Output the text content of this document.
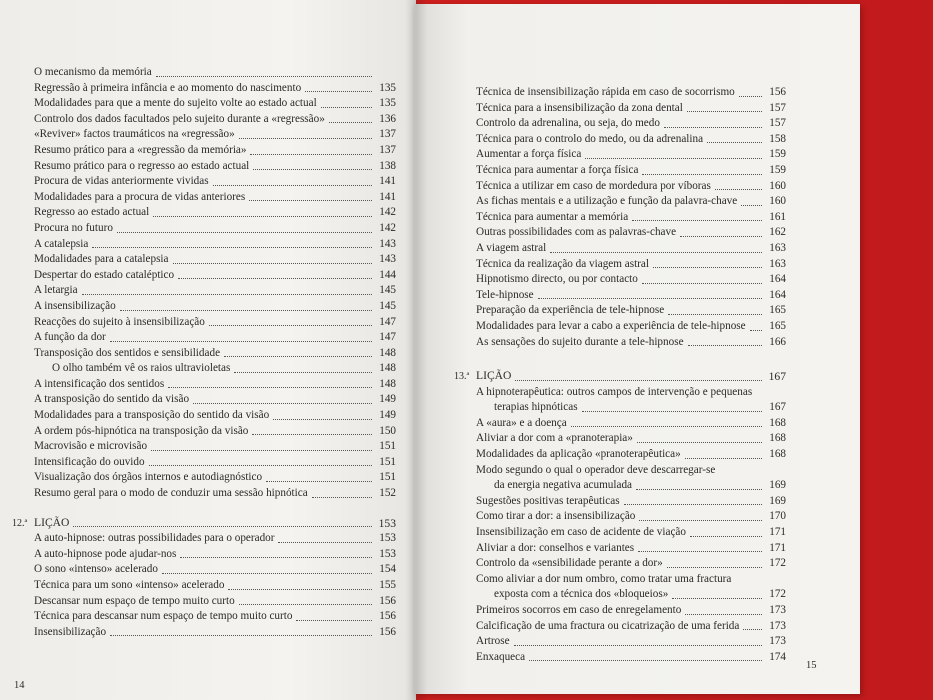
O mecanismo da memória
Regressão à primeira infância e ao momento do nascimento	135
Modalidades para que a mente do sujeito volte ao estado actual	135
Controlo dos dados facultados pelo sujeito durante a «regressão»	136
«Reviver» factos traumáticos na «regressão»	137
Resumo prático para a «regressão da memória»	137
Resumo prático para o regresso ao estado actual	138
Procura de vidas anteriormente vividas	141
Modalidades para a procura de vidas anteriores	141
Regresso ao estado actual	142
Procura no futuro	142
A catalepsia	143
Modalidades para a catalepsia	143
Despertar do estado cataléptico	144
A letargia	145
A insensibilização	145
Reacções do sujeito à insensibilização	147
A função da dor	147
Transposição dos sentidos e sensibilidade	148
O olho também vê os raios ultravioletas	148
A intensificação dos sentidos	148
A transposição do sentido da visão	149
Modalidades para a transposição do sentido da visão	149
A ordem pós-hipnótica na transposição da visão	150
Macrovisão e microvisão	151
Intensificação do ouvido	151
Visualização dos órgãos internos e autodiagnóstico	151
Resumo geral para o modo de conduzir uma sessão hipnótica	152
12.ª LIÇÃO	153
A auto-hipnose: outras possibilidades para o operador	153
A auto-hipnose pode ajudar-nos	153
O sono «intenso» acelerado	154
Técnica para um sono «intenso» acelerado	155
Descansar num espaço de tempo muito curto	156
Técnica para descansar num espaço de tempo muito curto	156
Insensibilização	156
Técnica de insensibilização rápida em caso de socorrismo	156
Técnica para a insensibilização da zona dental	157
Controlo da adrenalina, ou seja, do medo	157
Técnica para o controlo do medo, ou da adrenalina	158
Aumentar a força física	159
Técnica para aumentar a força física	159
Técnica a utilizar em caso de mordedura por víboras	160
As fichas mentais e a utilização e função da palavra-chave	160
Técnica para aumentar a memória	161
Outras possibilidades com as palavras-chave	162
A viagem astral	163
Técnica da realização da viagem astral	163
Hipnotismo directo, ou por contacto	164
Tele-hipnose	164
Preparação da experiência de tele-hipnose	165
Modalidades para levar a cabo a experiência de tele-hipnose 165
As sensações do sujeito durante a tele-hipnose	166
13.ª LIÇÃO	167
A hipnoterapêutica: outros campos de intervenção e pequenas
terapias hipnóticas	167
A «aura» e a doença	168
Aliviar a dor com a «pranoterapia»	168
Modalidades da aplicação «pranoterapêutica»	168
Modo segundo o qual o operador deve descarregar-se
da energia negativa acumulada	169
Sugestões positivas terapêuticas	169
Como tirar a dor: a insensibilização	170
Insensibilização em caso de acidente de viação	171
Aliviar a dor: conselhos e variantes	171
Controlo da «sensibilidade perante a dor»	172
Como aliviar a dor num ombro, como tratar uma fractura
exposta com a técnica dos «bloqueios»	172
Primeiros socorros em caso de enregelamento	173
Calcificação de uma fractura ou cicatrização de uma ferida	173
Artrose	173
Enxaqueca	174
14
15
